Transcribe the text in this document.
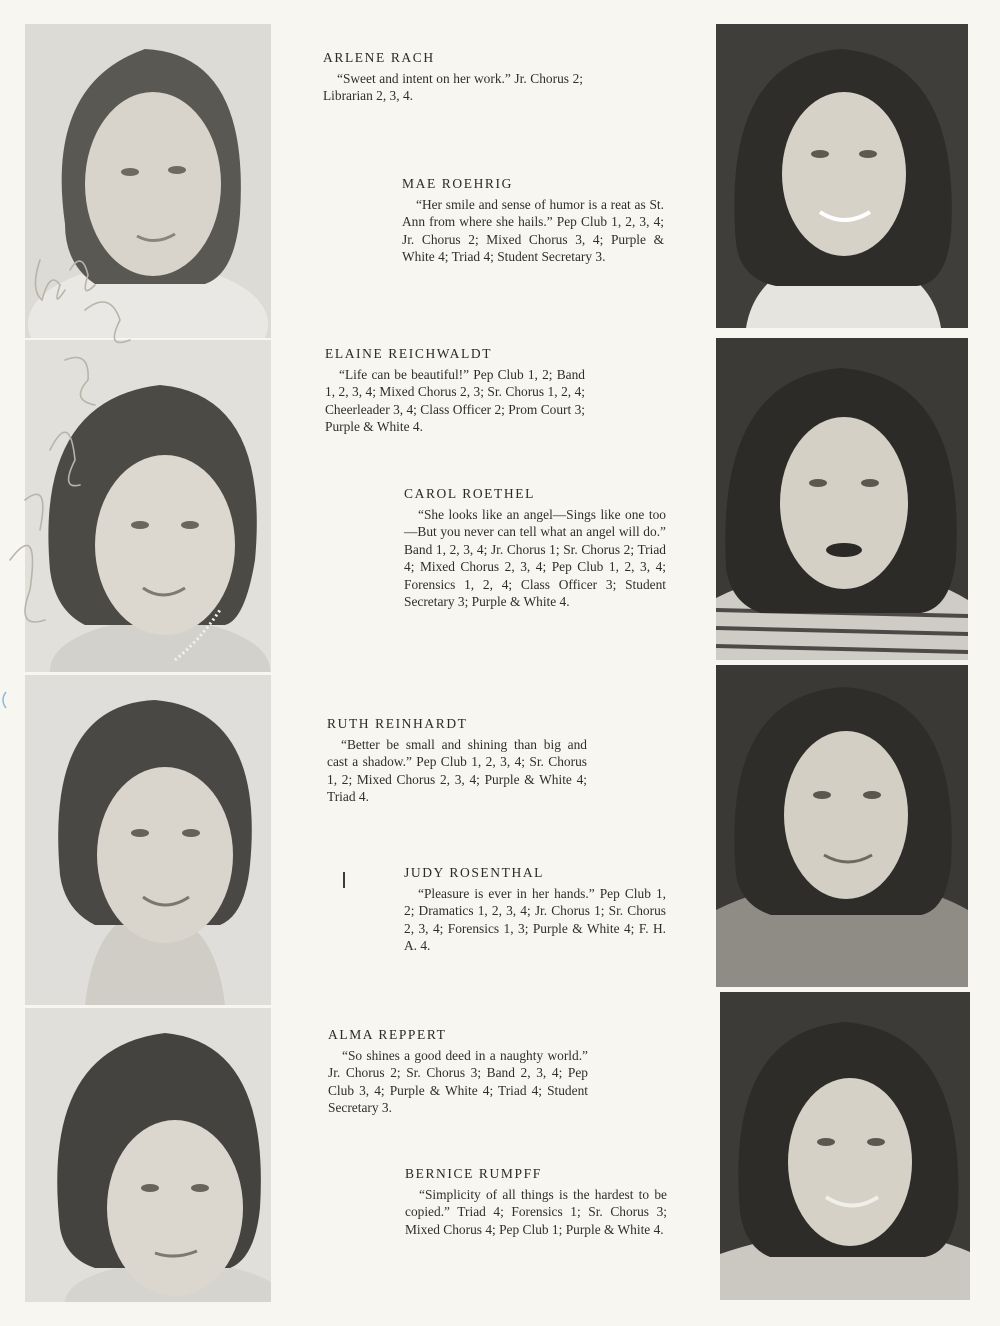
ARLENE RACH

“Sweet and intent on her work.” Jr. Chorus 2; Librarian 2, 3, 4.

MAE ROEHRIG

“Her smile and sense of humor is a reat as St. Ann from where she hails.” Pep Club 1, 2, 3, 4; Jr. Chorus 2; Mixed Chorus 3, 4; Purple & White 4; Triad 4; Student Secretary 3.

ELAINE REICHWALDT

“Life can be beautiful!” Pep Club 1, 2; Band 1, 2, 3, 4; Mixed Chorus 2, 3; Sr. Chorus 1, 2, 4; Cheerleader 3, 4; Class Officer 2; Prom Court 3; Purple & White 4.

CAROL ROETHEL

“She looks like an angel—Sings like one too—But you never can tell what an angel will do.” Band 1, 2, 3, 4; Jr. Chorus 1; Sr. Chorus 2; Triad 4; Mixed Chorus 2, 3, 4; Pep Club 1, 2, 3, 4; Forensics 1, 2, 4; Class Officer 3; Student Secretary 3; Purple & White 4.

RUTH REINHARDT

“Better be small and shining than big and cast a shadow.” Pep Club 1, 2, 3, 4; Sr. Chorus 1, 2; Mixed Chorus 2, 3, 4; Purple & White 4; Triad 4.

JUDY ROSENTHAL

“Pleasure is ever in her hands.” Pep Club 1, 2; Dramatics 1, 2, 3, 4; Jr. Chorus 1; Sr. Chorus 2, 3, 4; Forensics 1, 3; Purple & White 4; F. H. A. 4.

ALMA REPPERT

“So shines a good deed in a naughty world.” Jr. Chorus 2; Sr. Chorus 3; Band 2, 3, 4; Pep Club 3, 4; Purple & White 4; Triad 4; Student Secretary 3.

BERNICE RUMPFF

“Simplicity of all things is the hardest to be copied.” Triad 4; Forensics 1; Sr. Chorus 3; Mixed Chorus 4; Pep Club 1; Purple & White 4.
